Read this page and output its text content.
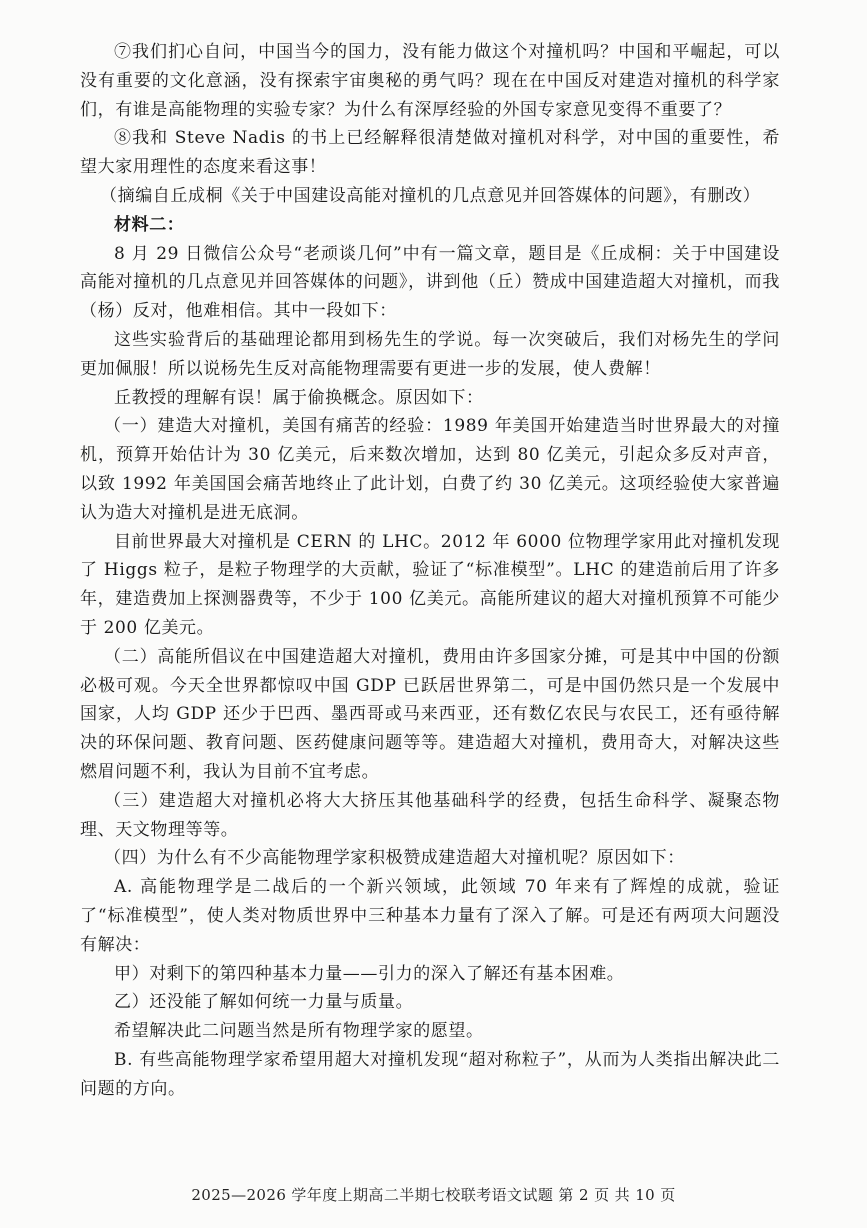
⑦我们扪心自问，中国当今的国力，没有能力做这个对撞机吗？中国和平崛起，可以没有重要的文化意涵，没有探索宇宙奥秘的勇气吗？现在在中国反对建造对撞机的科学家们，有谁是高能物理的实验专家？为什么有深厚经验的外国专家意见变得不重要了？

⑧我和 Steve Nadis 的书上已经解释很清楚做对撞机对科学，对中国的重要性，希望大家用理性的态度来看这事！

（摘编自丘成桐《关于中国建设高能对撞机的几点意见并回答媒体的问题》，有删改）

材料二：

8 月 29 日微信公众号“老顽谈几何”中有一篇文章，题目是《丘成桐：关于中国建设高能对撞机的几点意见并回答媒体的问题》，讲到他（丘）赞成中国建造超大对撞机，而我（杨）反对，他难相信。其中一段如下：

这些实验背后的基础理论都用到杨先生的学说。每一次突破后，我们对杨先生的学问更加佩服！所以说杨先生反对高能物理需要有更进一步的发展，使人费解！

丘教授的理解有误！属于偷换概念。原因如下：

（一）建造大对撞机，美国有痛苦的经验：1989 年美国开始建造当时世界最大的对撞机，预算开始估计为 30 亿美元，后来数次增加，达到 80 亿美元，引起众多反对声音，以致 1992 年美国国会痛苦地终止了此计划，白费了约 30 亿美元。这项经验使大家普遍认为造大对撞机是进无底洞。

目前世界最大对撞机是 CERN 的 LHC。2012 年 6000 位物理学家用此对撞机发现了 Higgs 粒子，是粒子物理学的大贡献，验证了“标准模型”。LHC 的建造前后用了许多年，建造费加上探测器费等，不少于 100 亿美元。高能所建议的超大对撞机预算不可能少于 200 亿美元。

（二）高能所倡议在中国建造超大对撞机，费用由许多国家分摊，可是其中中国的份额必极可观。今天全世界都惊叹中国 GDP 已跃居世界第二，可是中国仍然只是一个发展中国家，人均 GDP 还少于巴西、墨西哥或马来西亚，还有数亿农民与农民工，还有亟待解决的环保问题、教育问题、医药健康问题等等。建造超大对撞机，费用奇大，对解决这些燃眉问题不利，我认为目前不宜考虑。

（三）建造超大对撞机必将大大挤压其他基础科学的经费，包括生命科学、凝聚态物理、天文物理等等。

（四）为什么有不少高能物理学家积极赞成建造超大对撞机呢？原因如下：

A. 高能物理学是二战后的一个新兴领域，此领域 70 年来有了辉煌的成就，验证了“标准模型”，使人类对物质世界中三种基本力量有了深入了解。可是还有两项大问题没有解决：

甲）对剩下的第四种基本力量——引力的深入了解还有基本困难。

乙）还没能了解如何统一力量与质量。

希望解决此二问题当然是所有物理学家的愿望。

B. 有些高能物理学家希望用超大对撞机发现“超对称粒子”，从而为人类指出解决此二问题的方向。

2025—2026 学年度上期高二半期七校联考语文试题 第 2 页 共 10 页
